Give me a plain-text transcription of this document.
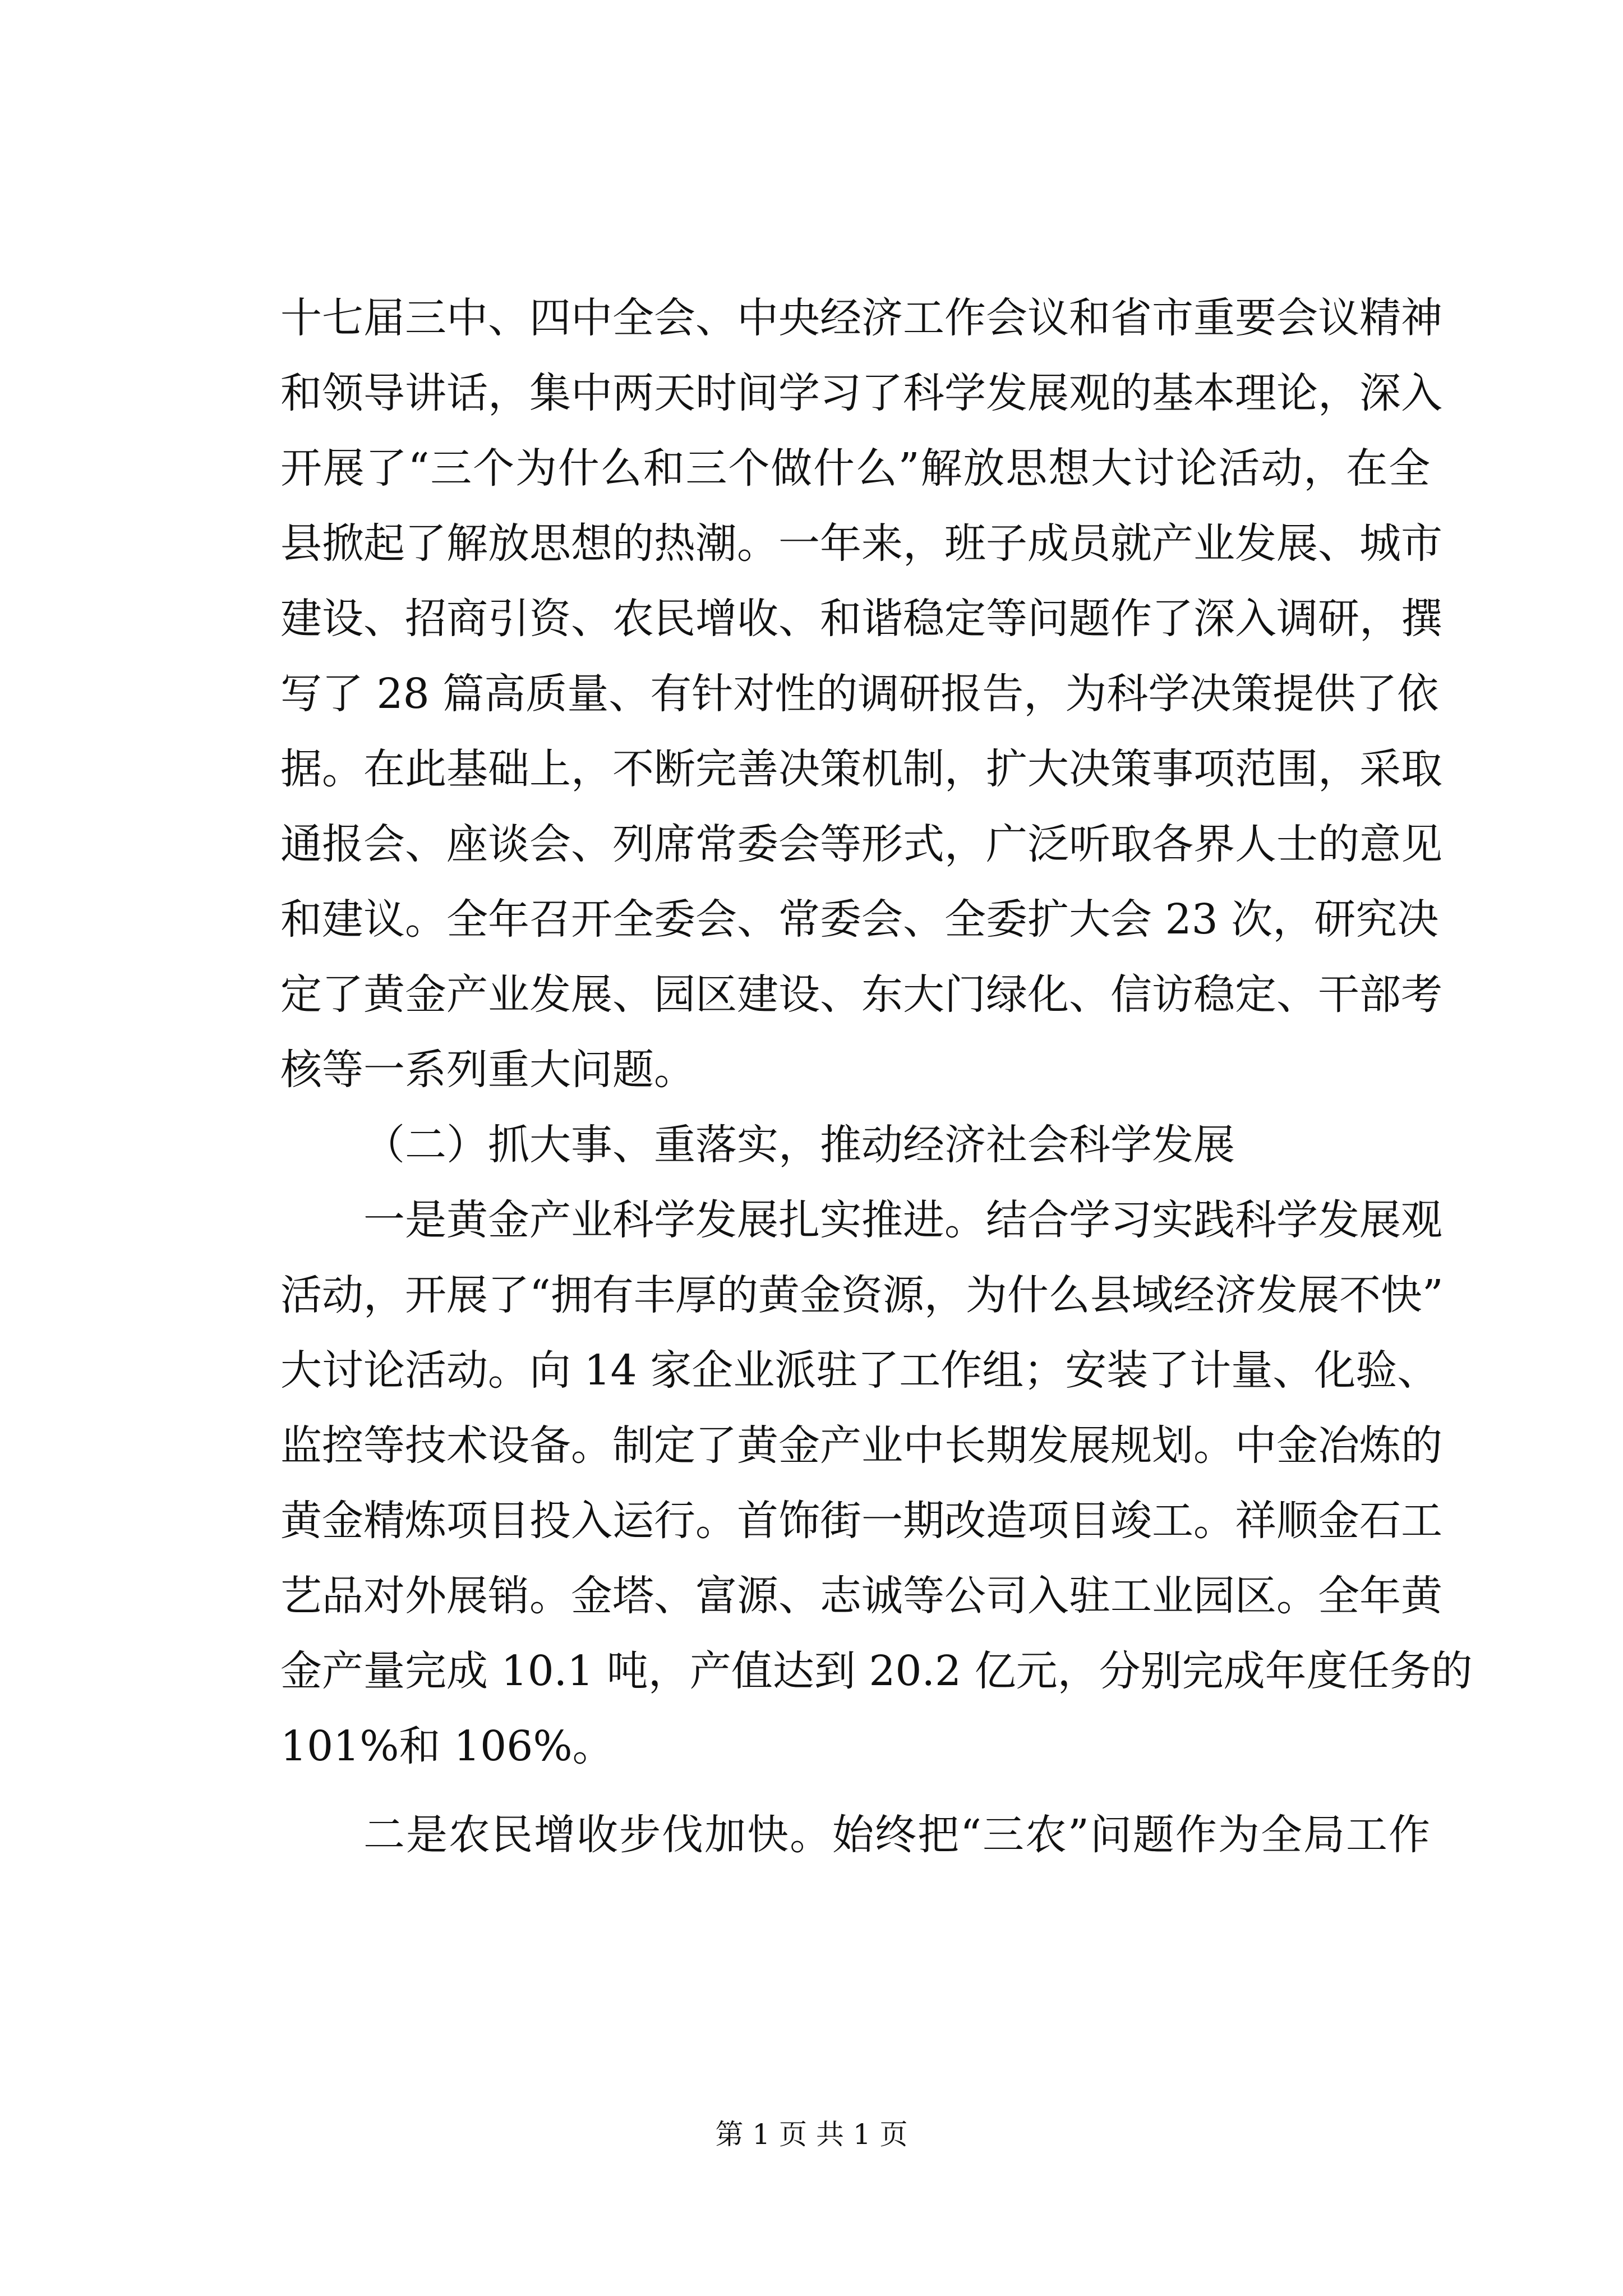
十七届三中、四中全会、中央经济工作会议和省市重要会议精神
和领导讲话，集中两天时间学习了科学发展观的基本理论，深入
开展了“三个为什么和三个做什么”解放思想大讨论活动，在全
县掀起了解放思想的热潮。一年来，班子成员就产业发展、城市
建设、招商引资、农民增收、和谐稳定等问题作了深入调研，撰
写了 28 篇高质量、有针对性的调研报告，为科学决策提供了依
据。在此基础上，不断完善决策机制，扩大决策事项范围，采取
通报会、座谈会、列席常委会等形式，广泛听取各界人士的意见
和建议。全年召开全委会、常委会、全委扩大会 23 次，研究决
定了黄金产业发展、园区建设、东大门绿化、信访稳定、干部考
核等一系列重大问题。
（二）抓大事、重落实，推动经济社会科学发展
一是黄金产业科学发展扎实推进。结合学习实践科学发展观
活动，开展了“拥有丰厚的黄金资源，为什么县域经济发展不快”
大讨论活动。向 14 家企业派驻了工作组；安装了计量、化验、
监控等技术设备。制定了黄金产业中长期发展规划。中金冶炼的
黄金精炼项目投入运行。首饰街一期改造项目竣工。祥顺金石工
艺品对外展销。金塔、富源、志诚等公司入驻工业园区。全年黄
金产量完成 10.1 吨，产值达到 20.2 亿元，分别完成年度任务的
101%和 106%。
二是农民增收步伐加快。始终把“三农”问题作为全局工作
第 1 页 共 1 页
